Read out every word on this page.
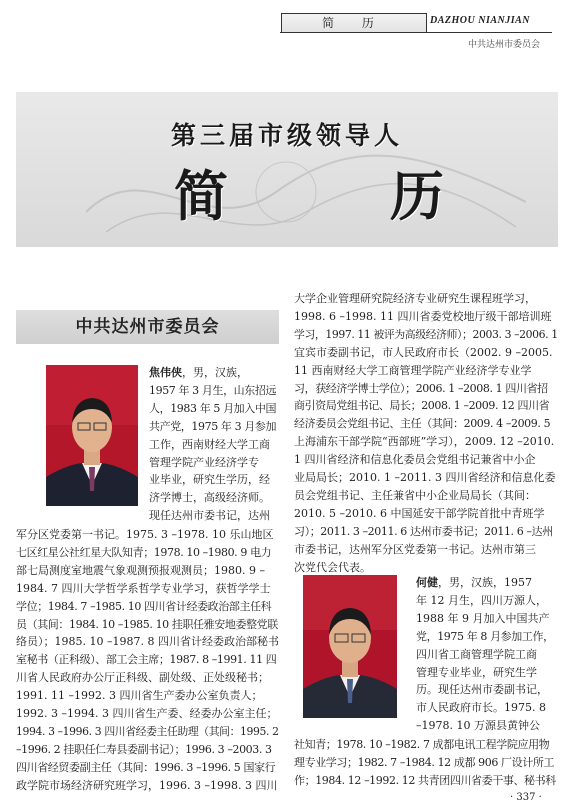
简 历	DAZHOU NIANJIAN
中共达州市委员会
第三届市级领导人
简	历
中共达州市委员会
焦伟侠，男，汉族，
1957 年 3 月生，山东招远
人，1983 年 5 月加入中国
共产党，1975 年 3 月参加
工作，西南财经大学工商
管理学院产业经济学专
业毕业，研究生学历，经
济学博士，高级经济师。
现任达州市委书记，达州
军分区党委第一书记。1975. 3 –1978. 10 乐山地区
七区红星公社红星大队知青；1978. 10 –1980. 9 电力
部七局测度室地震气象观测预报观测员；1980. 9 –
1984. 7 四川大学哲学系哲学专业学习，获哲学学士
学位；1984. 7 –1985. 10 四川省计经委政治部主任科
员（其间：1984. 10 –1985. 10 挂职任雅安地委整党联
络员）；1985. 10 –1987. 8 四川省计经委政治部秘书
室秘书（正科级）、部工会主席；1987. 8 –1991. 11 四
川省人民政府办公厅正科级、副处级、正处级秘书；
1991. 11 –1992. 3 四川省生产委办公室负责人；
1992. 3 –1994. 3 四川省生产委、经委办公室主任；
1994. 3 –1996. 3 四川省经委主任助理（其间：1995. 2
–1996. 2 挂职任仁寿县委副书记）；1996. 3 –2003. 3
四川省经贸委副主任（其间：1996. 3 –1996. 5 国家行
政学院市场经济研究班学习，1996. 3 –1998. 3 四川
大学企业管理研究院经济专业研究生课程班学习，
1998. 6 –1998. 11 四川省委党校地厅级干部培训班
学习，1997. 11 被评为高级经济师）；2003. 3 –2006. 1
宜宾市委副书记，市人民政府市长（2002. 9 –2005.
11 西南财经大学工商管理学院产业经济学专业学
习，获经济学博士学位）；2006. 1 –2008. 1 四川省招
商引资局党组书记、局长；2008. 1 –2009. 12 四川省
经济委员会党组书记、主任（其间：2009. 4 –2009. 5
上海浦东干部学院“西部班”学习），2009. 12 –2010.
1 四川省经济和信息化委员会党组书记兼省中小企
业局局长；2010. 1 –2011. 3 四川省经济和信息化委
员会党组书记、主任兼省中小企业局局长（其间：
2010. 5 –2010. 6 中国延安干部学院首批中青班学
习）；2011. 3 –2011. 6 达州市委书记；2011. 6 –达州
市委书记，达州军分区党委第一书记。达州市第三
次党代会代表。
何健，男，汉族，1957
年 12 月生，四川万源人，
1988 年 9 月加入中国共产
党，1975 年 8 月参加工作，
四川省工商管理学院工商
管理专业毕业，研究生学
历。现任达州市委副书记，
市人民政府市长。1975. 8
–1978. 10 万源县黄钟公
社知青；1978. 10 –1982. 7 成都电讯工程学院应用物
理专业学习；1982. 7 –1984. 12 成都 906 厂设计所工
作；1984. 12 –1992. 12 共青团四川省委干事、秘书科
· 337 ·
